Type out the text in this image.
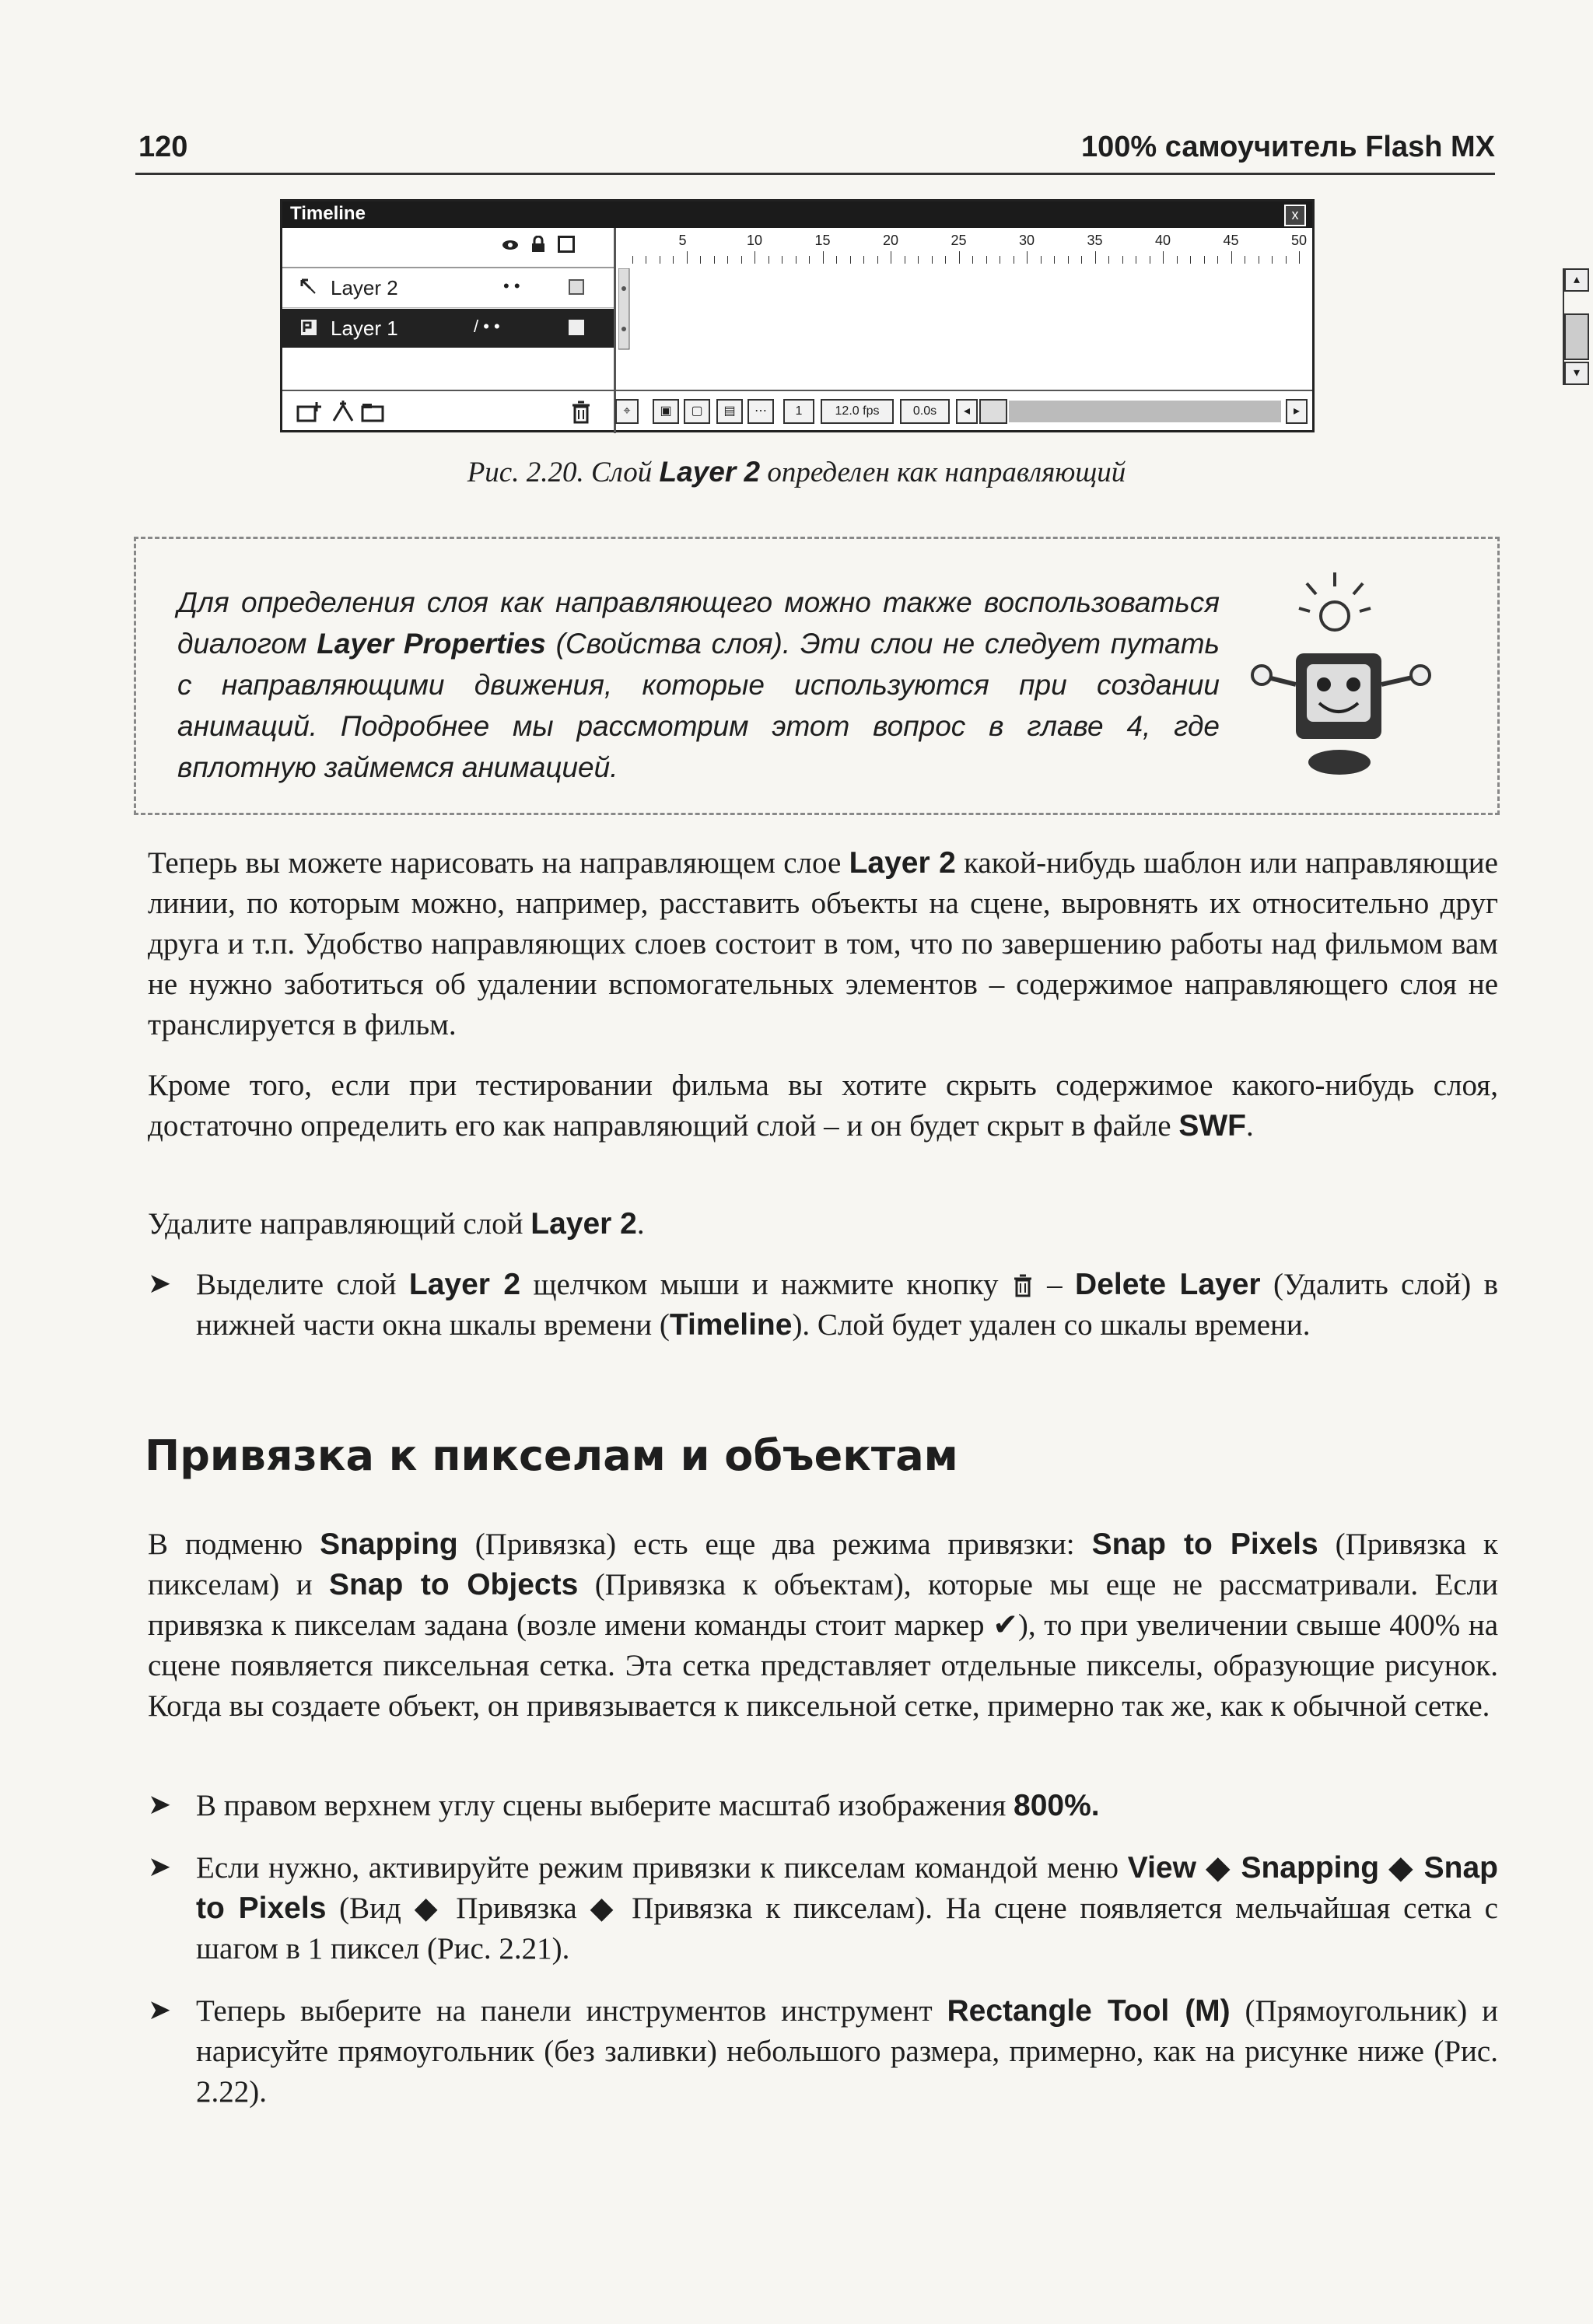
120	100% самоучитель Flash MX
Timeline	x
5	10	15	20	25	30	35	40	45	50
Layer 2	• •
Layer 1	/ • •
▴
▾
⌖	▣	▢	▤	⋯	1	12.0 fps	0.0s	◂	▸
Рис. 2.20. Слой Layer 2 определен как направляющий
Для определения слоя как направляющего можно также воспользоваться диалогом Layer Properties (Свойства слоя). Эти слои не следует путать с направляющими движения, которые используются при создании анимаций. Подробнее мы рассмотрим этот вопрос в главе 4, где вплотную займемся анимацией.
Теперь вы можете нарисовать на направляющем слое Layer 2 какой-нибудь шаблон или направляющие линии, по которым можно, например, расставить объекты на сцене, выровнять их относительно друг друга и т.п. Удобство направляющих слоев состоит в том, что по завершению работы над фильмом вам не нужно заботиться об удалении вспомогательных элементов – содержимое направляющего слоя не транслируется в фильм.
Кроме того, если при тестировании фильма вы хотите скрыть содержимое какого-нибудь слоя, достаточно определить его как направляющий слой – и он будет скрыт в файле SWF.
Удалите направляющий слой Layer 2.
➤ Выделите слой Layer 2 щелчком мыши и нажмите кнопку  – Delete Layer (Удалить слой) в нижней части окна шкалы времени (Timeline). Слой будет удален со шкалы времени.
Привязка к пикселам и объектам
В подменю Snapping (Привязка) есть еще два режима привязки: Snap to Pixels (Привязка к пикселам) и Snap to Objects (Привязка к объектам), которые мы еще не рассматривали. Если привязка к пикселам задана (возле имени команды стоит маркер ✔), то при увеличении свыше 400% на сцене появляется пиксельная сетка. Эта сетка представляет отдельные пикселы, образующие рисунок. Когда вы создаете объект, он привязывается к пиксельной сетке, примерно так же, как к обычной сетке.
➤ В правом верхнем углу сцены выберите масштаб изображения 800%.
➤ Если нужно, активируйте режим привязки к пикселам командой меню View ◆ Snapping ◆ Snap to Pixels (Вид ◆ Привязка ◆ Привязка к пикселам). На сцене появляется мельчайшая сетка с шагом в 1 пиксел (Рис. 2.21).
➤ Теперь выберите на панели инструментов инструмент Rectangle Tool (M) (Прямоугольник) и нарисуйте прямоугольник (без заливки) небольшого размера, примерно, как на рисунке ниже (Рис. 2.22).
